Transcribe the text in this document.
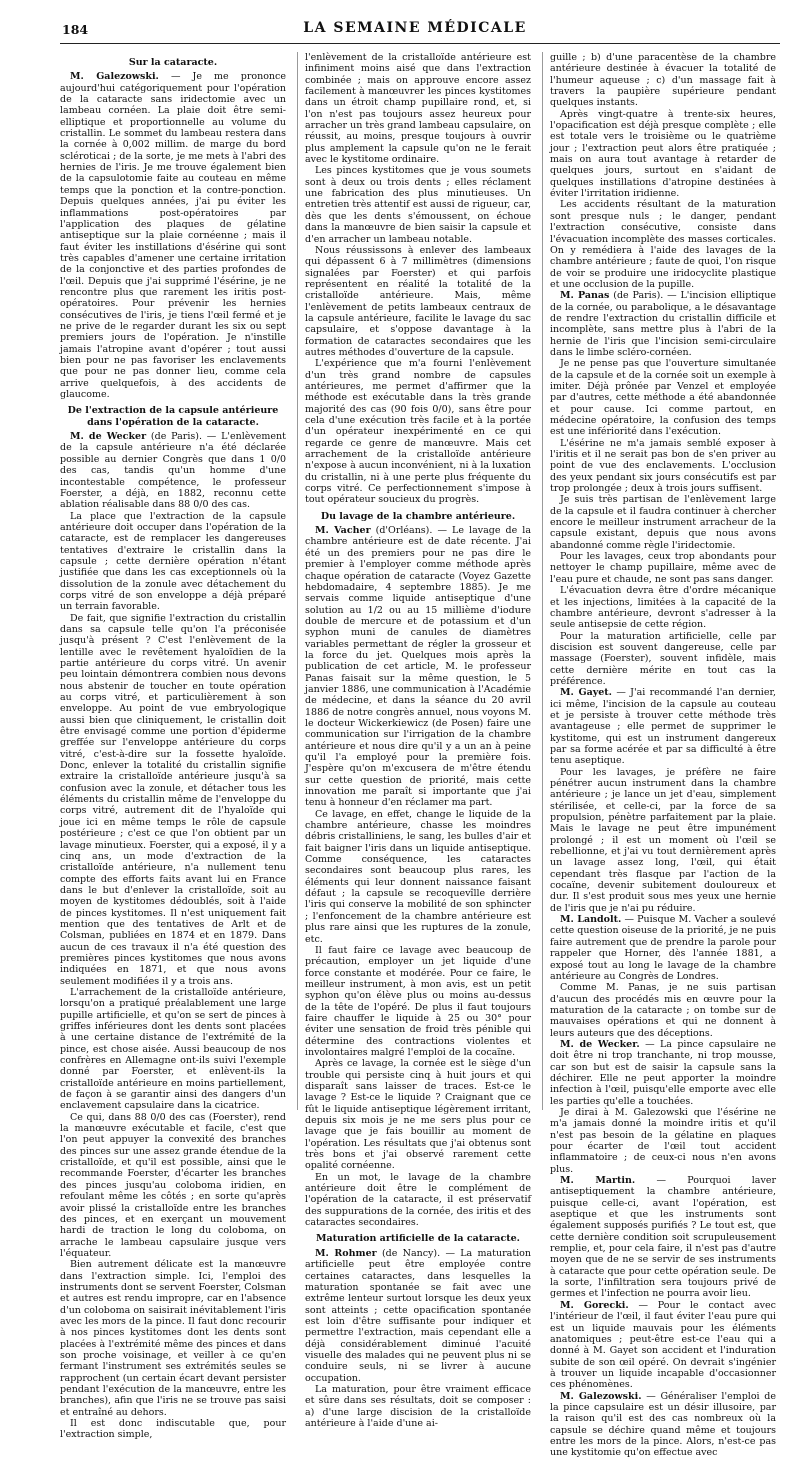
184	LA SEMAINE MÉDICALE
Sur la cataracte.

M. Galezowski. — Je me prononce aujourd'hui catégoriquement pour l'opération de la cataracte sans iridectomie avec un lambeau cornéen. La plaie doit être semi-elliptique et proportionnelle au volume du cristallin. Le sommet du lambeau restera dans la cornée à 0,002 millim. de marge du bord scléroticai ; de la sorte, je me mets à l'abri des hernies de l'iris. Je me trouve également bien de la capsulotomie faite au couteau en même temps que la ponction et la contre-ponction. Depuis quelques années, j'ai pu éviter les inflammations post-opératoires par l'application des plaques de gélatine antiseptique sur la plaie cornéenne ; mais il faut éviter les instillations d'ésérine qui sont très capables d'amener une certaine irritation de la conjonctive et des parties profondes de l'œil. Depuis que j'ai supprimé l'ésérine, je ne rencontre plus que rarement les iritis post-opératoires. Pour prévenir les hernies consécutives de l'iris, je tiens l'œil fermé et je ne prive de le regarder durant les six ou sept premiers jours de l'opération. Je n'instille jamais l'atropine avant d'opérer ; tout aussi bien pour ne pas favoriser les enclavements que pour ne pas donner lieu, comme cela arrive quelquefois, à des accidents de glaucome.

De l'extraction de la capsule antérieure dans l'opération de la cataracte.

M. de Wecker (de Paris). — L'enlèvement de la capsule antérieure n'a été déclarée possible au dernier Congrès que dans 1 0/0 des cas, tandis qu'un homme d'une incontestable compétence, le professeur Foerster, a déjà, en 1882, reconnu cette ablation réalisable dans 88 0/0 des cas.

La place que l'extraction de la capsule antérieure doit occuper dans l'opération de la cataracte, est de remplacer les dangereuses tentatives d'extraire le cristallin dans la capsule ; cette dernière opération n'étant justifiée que dans les cas exceptionnels où la dissolution de la zonule avec détachement du corps vitré de son enveloppe a déjà préparé un terrain favorable.

De fait, que signifie l'extraction du cristallin dans sa capsule telle qu'on l'a préconisée jusqu'à présent ? C'est l'enlèvement de la lentille avec le revêtement hyaloïdien de la partie antérieure du corps vitré. Un avenir peu lointain démontrera combien nous devons nous abstenir de toucher en toute opération au corps vitré, et particulièrement à son enveloppe. Au point de vue embryologique aussi bien que cliniquement, le cristallin doit être envisagé comme une portion d'épiderme greffée sur l'enveloppe antérieure du corps vitré, c'est-à-dire sur la fossette hyaloïde. Donc, enlever la totalité du cristallin signifie extraire la cristalloïde antérieure jusqu'à sa confusion avec la zonule, et détacher tous les éléments du cristallin même de l'enveloppe du corps vitré, autrement dit de l'hyaloïde qui joue ici en même temps le rôle de capsule postérieure ; c'est ce que l'on obtient par un lavage minutieux. Foerster, qui a exposé, il y a cinq ans, un mode d'extraction de la cristalloïde antérieure, n'a nullement tenu compte des efforts faits avant lui en France dans le but d'enlever la cristalloïde, soit au moyen de kystitomes dédoublés, soit à l'aide de pinces kystitomes. Il n'est uniquement fait mention que des tentatives de Arlt et de Colsman, publiées en 1874 et en 1879. Dans aucun de ces travaux il n'a été question des premières pinces kystitomes que nous avons indiquées en 1871, et que nous avons seulement modifiées il y a trois ans.

L'arrachement de la cristalloïde antérieure, lorsqu'on a pratiqué préalablement une large pupille artificielle, et qu'on se sert de pinces à griffes inférieures dont les dents sont placées à une certaine distance de l'extrémité de la pince, est chose aisée. Aussi beaucoup de nos confrères en Allemagne ont-ils suivi l'exemple donné par Foerster, et enlèvent-ils la cristalloïde antérieure en moins partiellement, de façon à se garantir ainsi des dangers d'un enclavement capsulaire dans la cicatrice.

Ce qui, dans 88 0/0 des cas (Foerster), rend la manœuvre exécutable et facile, c'est que l'on peut appuyer la convexité des branches des pinces sur une assez grande étendue de la cristalloïde, et qu'il est possible, ainsi que le recommande Foerster, d'écarter les branches des pinces jusqu'au coloboma iridien, en refoulant même les côtés ; en sorte qu'après avoir plissé la cristalloïde entre les branches des pinces, et en exerçant un mouvement hardi de traction le long du coloboma, on arrache le lambeau capsulaire jusque vers l'équateur.

Bien autrement délicate est la manœuvre dans l'extraction simple. Ici, l'emploi des instruments dont se servent Foerster, Colsman et autres est rendu impropre, car en l'absence d'un coloboma on saisirait inévitablement l'iris avec les mors de la pince. Il faut donc recourir à nos pinces kystitomes dont les dents sont placées à l'extrémité même des pinces et dans son proche voisinage, et veiller à ce qu'en fermant l'instrument ses extrémités seules se rapprochent (un certain écart devant persister pendant l'exécution de la manœuvre, entre les branches), afin que l'iris ne se trouve pas saisi et entraîné au dehors.

Il est donc indiscutable que, pour l'extraction simple,

l'enlèvement de la cristalloïde antérieure est infiniment moins aisé que dans l'extraction combinée ; mais on approuve encore assez facilement à manœuvrer les pinces kystitomes dans un étroit champ pupillaire rond, et, si l'on n'est pas toujours assez heureux pour arracher un très grand lambeau capsulaire, on réussit, au moins, presque toujours à ouvrir plus amplement la capsule qu'on ne le ferait avec le kystitome ordinaire.

Les pinces kystitomes que je vous soumets sont à deux ou trois dents ; elles réclament une fabrication des plus minutieuses. Un entretien très attentif est aussi de rigueur, car, dès que les dents s'émoussent, on échoue dans la manœuvre de bien saisir la capsule et d'en arracher un lambeau notable.

Nous réussissons à enlever des lambeaux qui dépassent 6 à 7 millimètres (dimensions signalées par Foerster) et qui parfois représentent en réalité la totalité de la cristalloïde antérieure. Mais, même l'enlèvement de petits lambeaux centraux de la capsule antérieure, facilite le lavage du sac capsulaire, et s'oppose davantage à la formation de cataractes secondaires que les autres méthodes d'ouverture de la capsule.

L'expérience que m'a fourni l'enlèvement d'un très grand nombre de capsules antérieures, me permet d'affirmer que la méthode est exécutable dans la très grande majorité des cas (90 fois 0/0), sans être pour cela d'une exécution très facile et à la portée d'un opérateur inexpérimenté en ce qui regarde ce genre de manœuvre. Mais cet arrachement de la cristalloïde antérieure n'expose à aucun inconvénient, ni à la luxation du cristallin, ni à une perte plus fréquente du corps vitré. Ce perfectionnement s'impose à tout opérateur soucieux du progrès.

Du lavage de la chambre antérieure.

M. Vacher (d'Orléans). — Le lavage de la chambre antérieure est de date récente. J'ai été un des premiers pour ne pas dire le premier à l'employer comme méthode après chaque opération de cataracte (Voyez Gazette hebdomadaire, 4 septembre 1885). Je me servais comme liquide antiseptique d'une solution au 1/2 ou au 15 millième d'iodure double de mercure et de potassium et d'un syphon muni de canules de diamètres variables permettant de régler la grosseur et la force du jet. Quelques mois après la publication de cet article, M. le professeur Panas faisait sur la même question, le 5 janvier 1886, une communication à l'Académie de médecine, et dans la séance du 20 avril 1886 de notre congrès annuel, nous voyons M. le docteur Wickerkiewicz (de Posen) faire une communication sur l'irrigation de la chambre antérieure et nous dire qu'il y a un an à peine qu'il l'a employé pour la première fois. J'espère qu'on m'excusera de m'être étendu sur cette question de priorité, mais cette innovation me paraît si importante que j'ai tenu à honneur d'en réclamer ma part.

Ce lavage, en effet, change le liquide de la chambre antérieure, chasse les moindres débris cristalliniens, le sang, les bulles d'air et fait baigner l'iris dans un liquide antiseptique. Comme conséquence, les cataractes secondaires sont beaucoup plus rares, les éléments qui leur donnent naissance faisant défaut ; la capsule se recoquevîlle derrière l'iris qui conserve la mobilité de son sphincter ; l'enfoncement de la chambre antérieure est plus rare ainsi que les ruptures de la zonule, etc.

Il faut faire ce lavage avec beaucoup de précaution, employer un jet liquide d'une force constante et modérée. Pour ce faire, le meilleur instrument, à mon avis, est un petit syphon qu'on élève plus ou moins au-dessus de la tête de l'opéré. De plus il faut toujours faire chauffer le liquide à 25 ou 30° pour éviter une sensation de froid très pénible qui détermine des contractions violentes et involontaires malgré l'emploi de la cocaïne.

Après ce lavage, la cornée est le siège d'un trouble qui persiste cinq à huit jours et qui disparaît sans laisser de traces. Est-ce le lavage ? Est-ce le liquide ? Craignant que ce fût le liquide antiseptique légèrement irritant, depuis six mois je ne me sers plus pour ce lavage que je fais bouillir au moment de l'opération. Les résultats que j'ai obtenus sont très bons et j'ai observé rarement cette opalité cornéenne.

En un mot, le lavage de la chambre antérieure doit être le complément de l'opération de la cataracte, il est préservatif des suppurations de la cornée, des iritis et des cataractes secondaires.

Maturation artificielle de la cataracte.

M. Rohmer (de Nancy). — La maturation artificielle peut être employée contre certaines cataractes, dans lesquelles la maturation spontanée se fait avec une extrême lenteur surtout lorsque les deux yeux sont atteints ; cette opacification spontanée est loin d'être suffisante pour indiquer et permettre l'extraction, mais cependant elle a déjà considérablement diminué l'acuité visuelle des malades qui ne peuvent plus ni se conduire seuls, ni se livrer à aucune occupation.

La maturation, pour être vraiment efficace et sûre dans ses résultats, doit se composer : a) d'une large discision de la cristalloïde antérieure à l'aide d'une ai-

guille ; b) d'une paracentèse de la chambre antérieure destinée à évacuer la totalité de l'humeur aqueuse ; c) d'un massage fait à travers la paupière supérieure pendant quelques instants.

Après vingt-quatre à trente-six heures, l'opacification est déjà presque complète ; elle est totale vers le troisième ou le quatrième jour ; l'extraction peut alors être pratiquée ; mais on aura tout avantage à retarder de quelques jours, surtout en s'aidant de quelques instillations d'atropine destinées à éviter l'irritation iridienne.

Les accidents résultant de la maturation sont presque nuls ; le danger, pendant l'extraction consécutive, consiste dans l'évacuation incomplète des masses corticales. On y remédiera à l'aide des lavages de la chambre antérieure ; faute de quoi, l'on risque de voir se produire une iridocyclite plastique et une occlusion de la pupille.

M. Panas (de Paris). — L'incision elliptique de la cornée, ou parabolique, a le désavantage de rendre l'extraction du cristallin difficile et incomplète, sans mettre plus à l'abri de la hernie de l'iris que l'incision semi-circulaire dans le limbe scléro-cornéen.

Je ne pense pas que l'ouverture simultanée de la capsule et de la cornée soit un exemple à imiter. Déjà prônée par Venzel et employée par d'autres, cette méthode a été abandonnée et pour cause. Ici comme partout, en médecine opératoire, la confusion des temps est une infériorité dans l'exécution.

L'ésérine ne m'a jamais semblé exposer à l'iritis et il ne serait pas bon de s'en priver au point de vue des enclavements. L'occlusion des yeux pendant six jours consécutifs est par trop prolongée ; deux à trois jours suffisent.

Je suis très partisan de l'enlèvement large de la capsule et il faudra continuer à chercher encore le meilleur instrument arracheur de la capsule existant, depuis que nous avons abandonné comme règle l'iridectomie.

Pour les lavages, ceux trop abondants pour nettoyer le champ pupillaire, même avec de l'eau pure et chaude, ne sont pas sans danger.

L'évacuation devra être d'ordre mécanique et les injections, limitées à la capacité de la chambre antérieure, devront s'adresser à la seule antisepsie de cette région.

Pour la maturation artificielle, celle par discision est souvent dangereuse, celle par massage (Foerster), souvent infidèle, mais cette dernière mérite en tout cas la préférence.

M. Gayet. — J'ai recommandé l'an dernier, ici même, l'incision de la capsule au couteau et je persiste à trouver cette méthode très avantageuse ; elle permet de supprimer le kystitome, qui est un instrument dangereux par sa forme acérée et par sa difficulté à être tenu aseptique.

Pour les lavages, je préfère ne faire pénétrer aucun instrument dans la chambre antérieure ; je lance un jet d'eau, simplement stérilisée, et celle-ci, par la force de sa propulsion, pénètre parfaitement par la plaie. Mais le lavage ne peut être impunément prolongé ; il est un moment où l'œil se rebellionne, et j'ai vu tout dernièrement après un lavage assez long, l'œil, qui était cependant très flasque par l'action de la cocaïne, devenir subitement douloureux et dur. Il s'est produit sous mes yeux une hernie de l'iris que je n'ai pu réduire.

M. Landolt. — Puisque M. Vacher a soulevé cette question oiseuse de la priorité, je ne puis faire autrement que de prendre la parole pour rappeler que Horner, dès l'année 1881, a exposé tout au long le lavage de la chambre antérieure au Congrès de Londres.

Comme M. Panas, je ne suis partisan d'aucun des procédés mis en œuvre pour la maturation de la cataracte ; on tombe sur de mauvaises opérations et qui ne donnent à leurs auteurs que des déceptions.

M. de Wecker. — La pince capsulaire ne doit être ni trop tranchante, ni trop mousse, car son but est de saisir la capsule sans la déchirer. Elle ne peut apporter la moindre infection à l'œil, puisqu'elle emporte avec elle les parties qu'elle a touchées.

Je dirai à M. Galezowski que l'ésérine ne m'a jamais donné la moindre iritis et qu'il n'est pas besoin de la gélatine en plaques pour écarter de l'œil tout accident inflammatoire ; de ceux-ci nous n'en avons plus.

M. Martin. — Pourquoi laver antiseptiquement la chambre antérieure, puisque celle-ci, avant l'opération, est aseptique et que les instruments sont également supposés purifiés ? Le tout est, que cette dernière condition soit scrupuleusement remplie, et, pour cela faire, il n'est pas d'autre moyen que de ne se servir de ses instruments à cataracte que pour cette opération seule. De la sorte, l'infiltration sera toujours privé de germes et l'infection ne pourra avoir lieu.

M. Gorecki. — Pour le contact avec l'intérieur de l'œil, il faut éviter l'eau pure qui est un liquide mauvais pour les éléments anatomiques ; peut-être est-ce l'eau qui a donné à M. Gayet son accident et l'induration subite de son œil opéré. On devrait s'ingénier à trouver un liquide incapable d'occasionner ces phénomènes.

M. Galezowski. — Généraliser l'emploi de la pince capsulaire est un désir illusoire, par la raison qu'il est des cas nombreux où la capsule se déchire quand même et toujours entre les mors de la pince. Alors, n'est-ce pas une kystitomie qu'on effectue avec
